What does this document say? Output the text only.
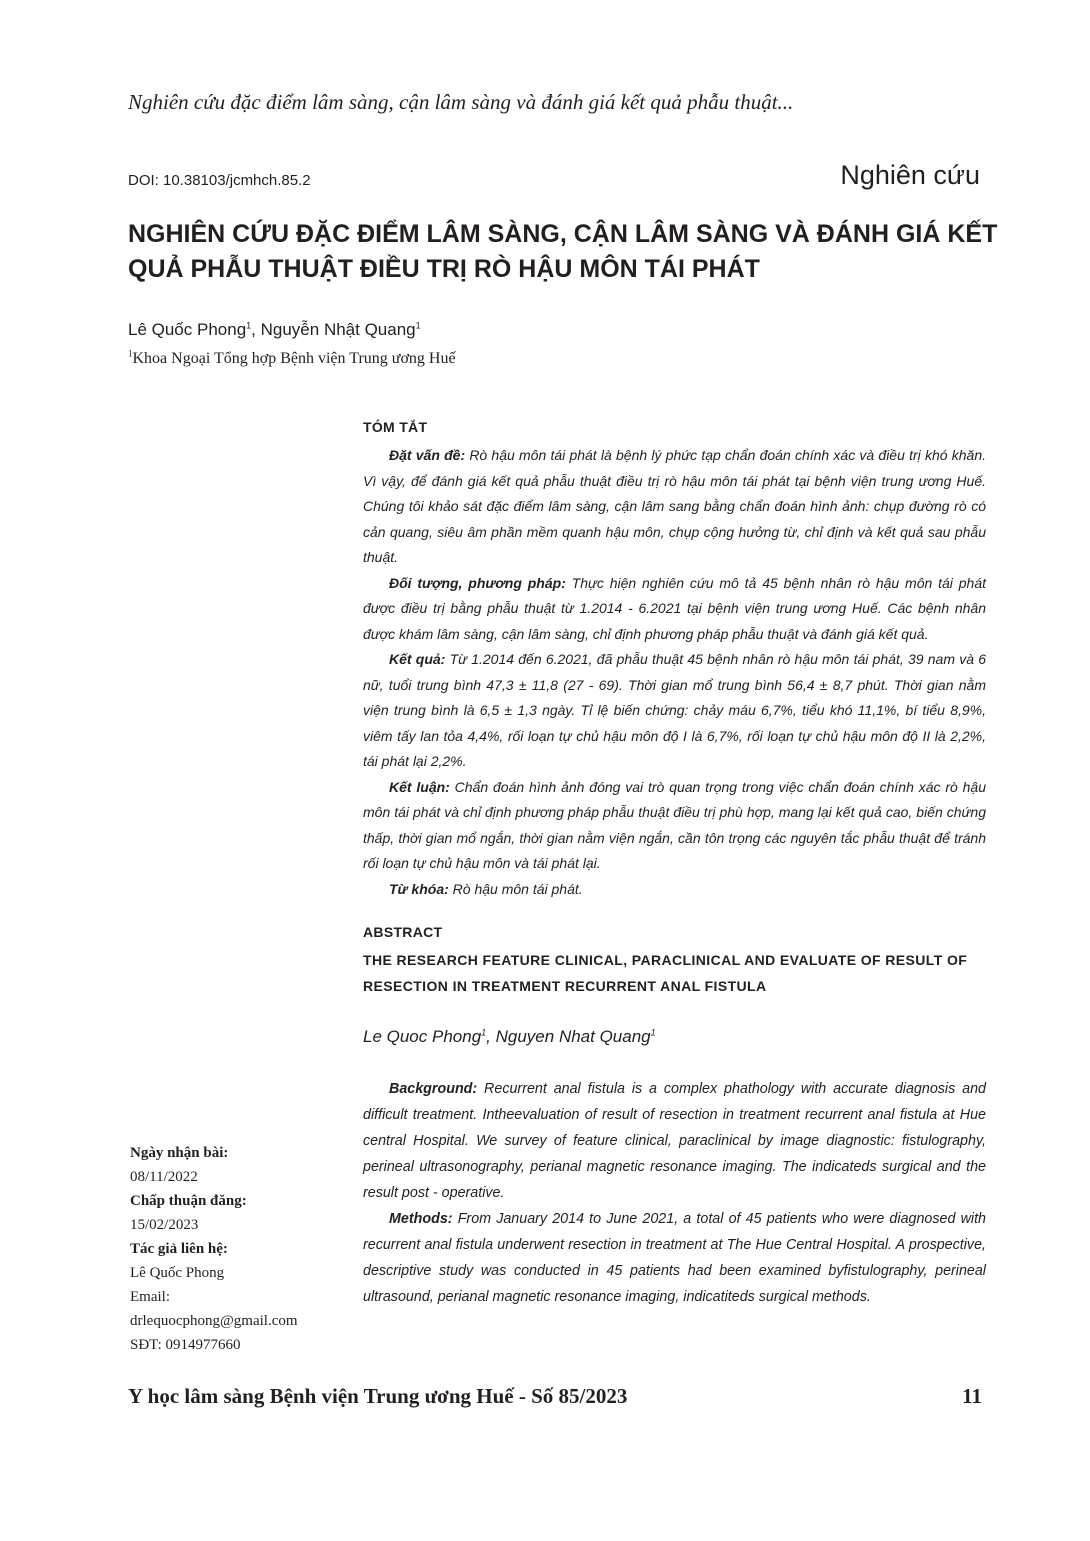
Nghiên cứu đặc điểm lâm sàng, cận lâm sàng và đánh giá kết quả phẫu thuật...
DOI: 10.38103/jcmhch.85.2	Nghiên cứu
NGHIÊN CỨU ĐẶC ĐIỂM LÂM SÀNG, CẬN LÂM SÀNG VÀ ĐÁNH GIÁ KẾT QUẢ PHẪU THUẬT ĐIỀU TRỊ RÒ HẬU MÔN TÁI PHÁT
Lê Quốc Phong$^1$, Nguyễn Nhật Quang$^1$
$^1$Khoa Ngoại Tổng hợp Bệnh viện Trung ương Huế
TÓM TẮT

Đặt vấn đề: Rò hậu môn tái phát là bệnh lý phức tạp chẩn đoán chính xác và điều trị khó khăn. Vì vậy, để đánh giá kết quả phẫu thuật điều trị rò hậu môn tái phát tại bệnh viện trung ương Huế. Chúng tôi khảo sát đặc điểm lâm sàng, cận lâm sang bằng chẩn đoán hình ảnh: chụp đường rò có cản quang, siêu âm phần mềm quanh hậu môn, chụp cộng hưởng từ, chỉ định và kết quả sau phẫu thuật.

Đối tượng, phương pháp: Thực hiện nghiên cứu mô tả 45 bệnh nhân rò hậu môn tái phát được điều trị bằng phẫu thuật từ 1.2014 - 6.2021 tại bệnh viện trung ương Huế. Các bệnh nhân được khám lâm sàng, cận lâm sàng, chỉ định phương pháp phẫu thuật và đánh giá kết quả.

Kết quả: Từ 1.2014 đến 6.2021, đã phẫu thuật 45 bệnh nhân rò hậu môn tái phát, 39 nam và 6 nữ, tuổi trung bình 47,3 ± 11,8 (27 - 69). Thời gian mổ trung bình 56,4 ± 8,7 phút. Thời gian nằm viện trung bình là 6,5 ± 1,3 ngày. Tỉ lệ biến chứng: chảy máu 6,7%, tiểu khó 11,1%, bí tiểu 8,9%, viêm tấy lan tỏa 4,4%, rối loạn tự chủ hậu môn độ I là 6,7%, rối loạn tự chủ hậu môn độ II là 2,2%, tái phát lại 2,2%.

Kết luận: Chẩn đoán hình ảnh đóng vai trò quan trọng trong việc chẩn đoán chính xác rò hậu môn tái phát và chỉ định phương pháp phẫu thuật điều trị phù hợp, mang lại kết quả cao, biến chứng thấp, thời gian mổ ngắn, thời gian nằm viện ngắn, cần tôn trọng các nguyên tắc phẫu thuật để tránh rối loạn tự chủ hậu môn và tái phát lại.

Từ khóa: Rò hậu môn tái phát.

ABSTRACT

THE RESEARCH FEATURE CLINICAL, PARACLINICAL AND EVALUATE OF RESULT OF RESECTION IN TREATMENT RECURRENT ANAL FISTULA

Le Quoc Phong$^1$, Nguyen Nhat Quang$^1$

Background: Recurrent anal fistula is a complex phathology with accurate diagnosis and difficult treatment. Intheevaluation of result of resection in treatment recurrent anal fistula at Hue central Hospital. We survey of feature clinical, paraclinical by image diagnostic: fistulography, perineal ultrasonography, perianal magnetic resonance imaging. The indicateds surgical and the result post - operative.

Methods: From January 2014 to June 2021, a total of 45 patients who were diagnosed with recurrent anal fistula underwent resection in treatment at The Hue Central Hospital. A prospective, descriptive study was conducted in 45 patients had been examined byfistulography, perineal ultrasound, perianal magnetic resonance imaging, indicatiteds surgical methods.

Ngày nhận bài:
08/11/2022
Chấp thuận đăng:
15/02/2023
Tác giả liên hệ:
Lê Quốc Phong
Email:
drlequocphong@gmail.com
SĐT: 0914977660
Y học lâm sàng Bệnh viện Trung ương Huế - Số 85/2023	11
